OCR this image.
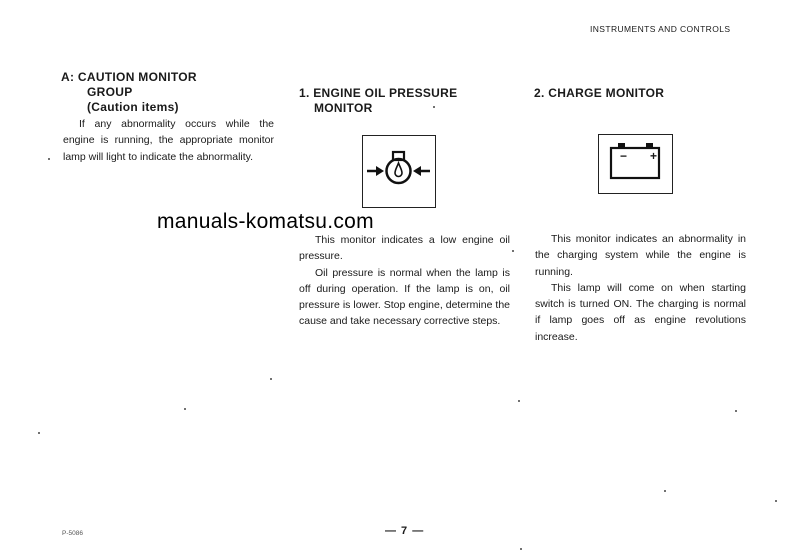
INSTRUMENTS AND CONTROLS
A: CAUTION MONITOR
GROUP
(Caution items)

If any abnormality occurs while the engine is running, the appropriate monitor lamp will light to indicate the abnormality.

1. ENGINE OIL PRESSURE
MONITOR

This monitor indicates a low engine oil pressure.

Oil pressure is normal when the lamp is off during operation. If the lamp is on, oil pressure is lower. Stop engine, determine the cause and take necessary corrective steps.

2. CHARGE MONITOR
− +

This monitor indicates an abnormality in the charging system while the engine is running.

This lamp will come on when starting switch is turned ON. The charging is normal if lamp goes off as engine revolutions increase.

manuals-komatsu.com
P-5086	— 7 —
